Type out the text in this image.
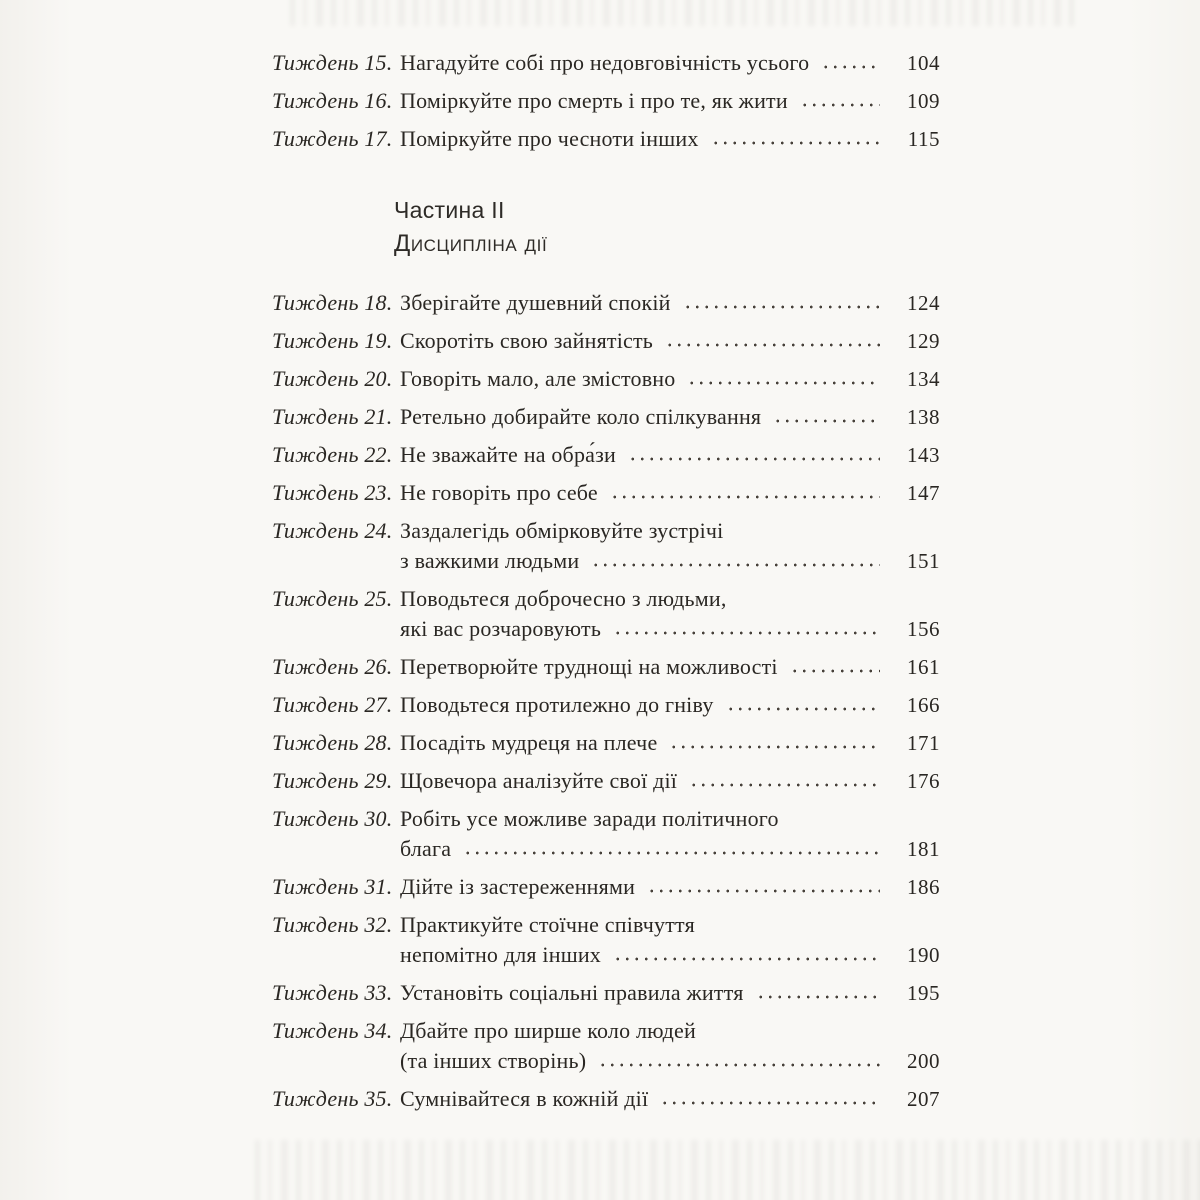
Тиждень 15. Нагадуйте собі про недовговічність усього	104
Тиждень 16. Поміркуйте про смерть і про те, як жити	109
Тиждень 17. Поміркуйте про чесноти інших	115
Частина II
Дисципліна дії
Тиждень 18. Зберігайте душевний спокій	124
Тиждень 19. Скоротіть свою зайнятість	129
Тиждень 20. Говоріть мало, але змістовно	134
Тиждень 21. Ретельно добирайте коло спілкування	138
Тиждень 22. Не зважайте на обра́зи	143
Тиждень 23. Не говоріть про себе	147
Тиждень 24. Заздалегідь обмірковуйте зустрічі
з важкими людьми	151
Тиждень 25. Поводьтеся доброчесно з людьми,
які вас розчаровують	156
Тиждень 26. Перетворюйте труднощі на можливості	161
Тиждень 27. Поводьтеся протилежно до гніву	166
Тиждень 28. Посадіть мудреця на плече	171
Тиждень 29. Щовечора аналізуйте свої дії	176
Тиждень 30. Робіть усе можливе заради політичного
блага	181
Тиждень 31. Дійте із застереженнями	186
Тиждень 32. Практикуйте стоїчне співчуття
непомітно для інших	190
Тиждень 33. Установіть соціальні правила життя	195
Тиждень 34. Дбайте про ширше коло людей
(та інших створінь)	200
Тиждень 35. Сумнівайтеся в кожній дії	207
